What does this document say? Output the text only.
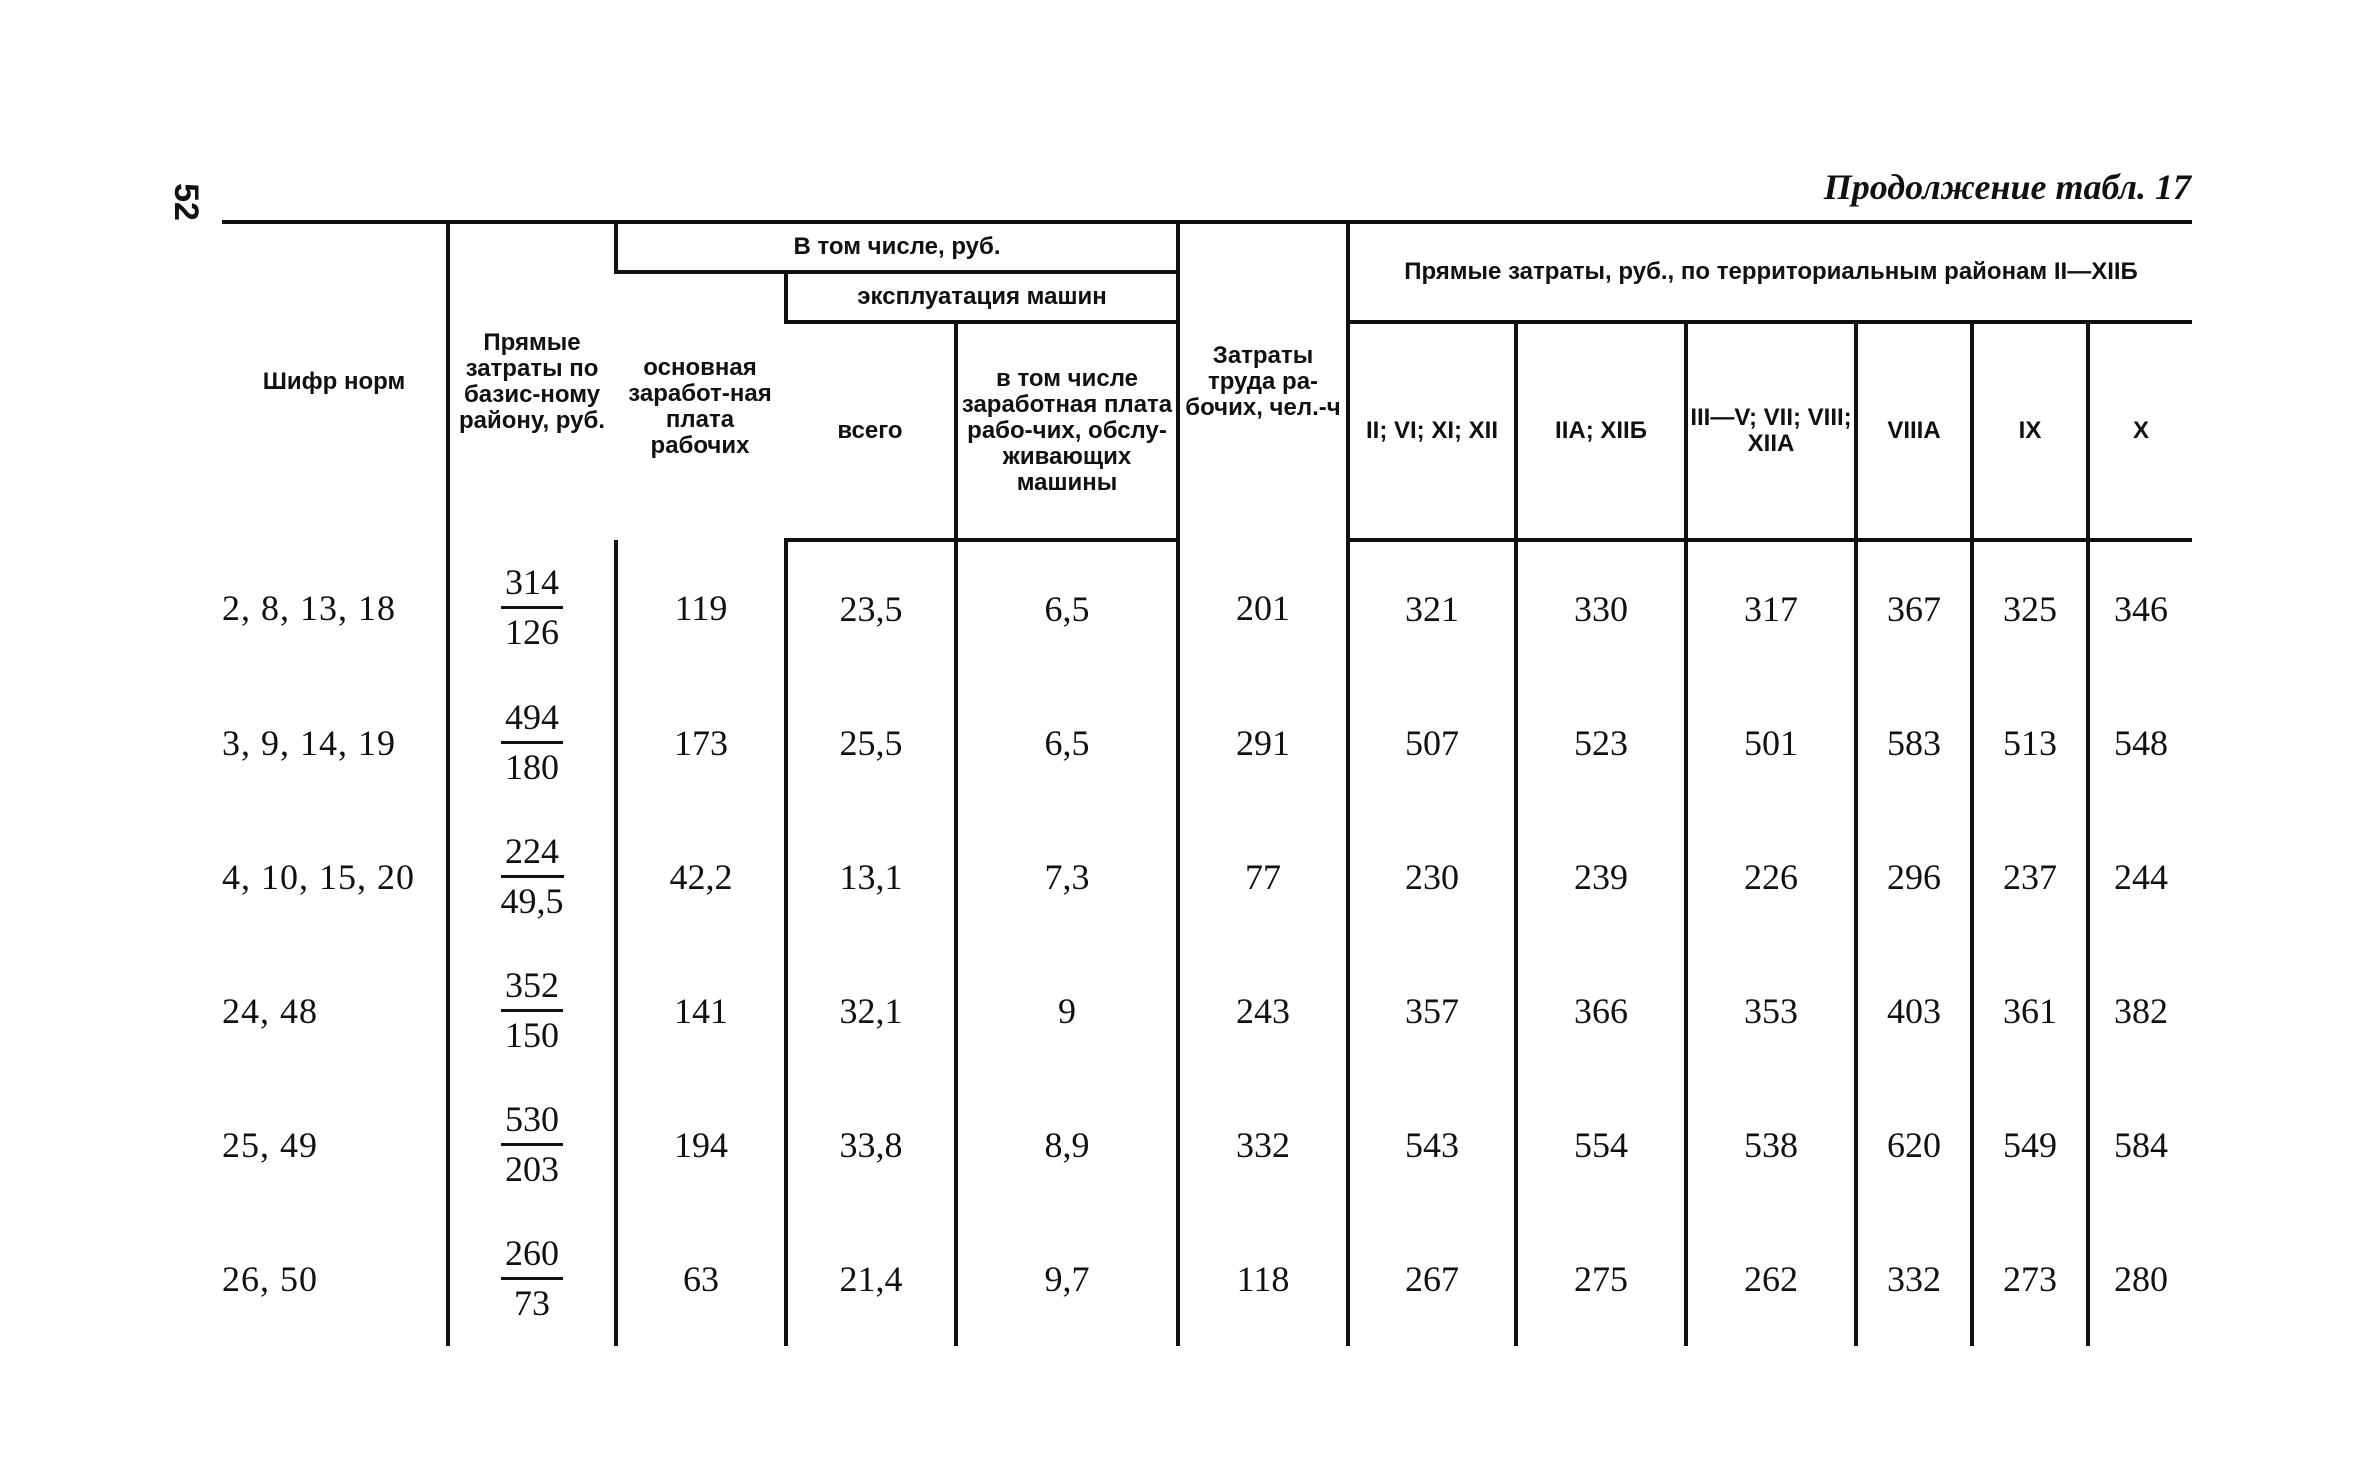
52	Продолжение табл. 17
Шифр норм	Прямые затраты по базис-ному району, руб.	В том числе, руб.			Затраты труда ра-бочих, чел.-ч	Прямые затраты, руб., по территориальным районам II—XIIБ					
		основная заработ-ная плата рабочих	эксплуатация машин								
			всего	в том числе заработная плата рабо-чих, обслу-живающих машины		II; VI; XI; XII	IIA; XIIБ	III—V; VII; VIII; XIIA	VIIIA	IX	X
2, 8, 13, 18	$\frac{314}{126}$	119	23,5	6,5	201	321	330	317	367	325	346
3, 9, 14, 19	$\frac{494}{180}$	173	25,5	6,5	291	507	523	501	583	513	548
4, 10, 15, 20	$\frac{224}{49,5}$	42,2	13,1	7,3	77	230	239	226	296	237	244
24, 48	$\frac{352}{150}$	141	32,1	9	243	357	366	353	403	361	382
25, 49	$\frac{530}{203}$	194	33,8	8,9	332	543	554	538	620	549	584
26, 50	$\frac{260}{73}$	63	21,4	9,7	118	267	275	262	332	273	280
